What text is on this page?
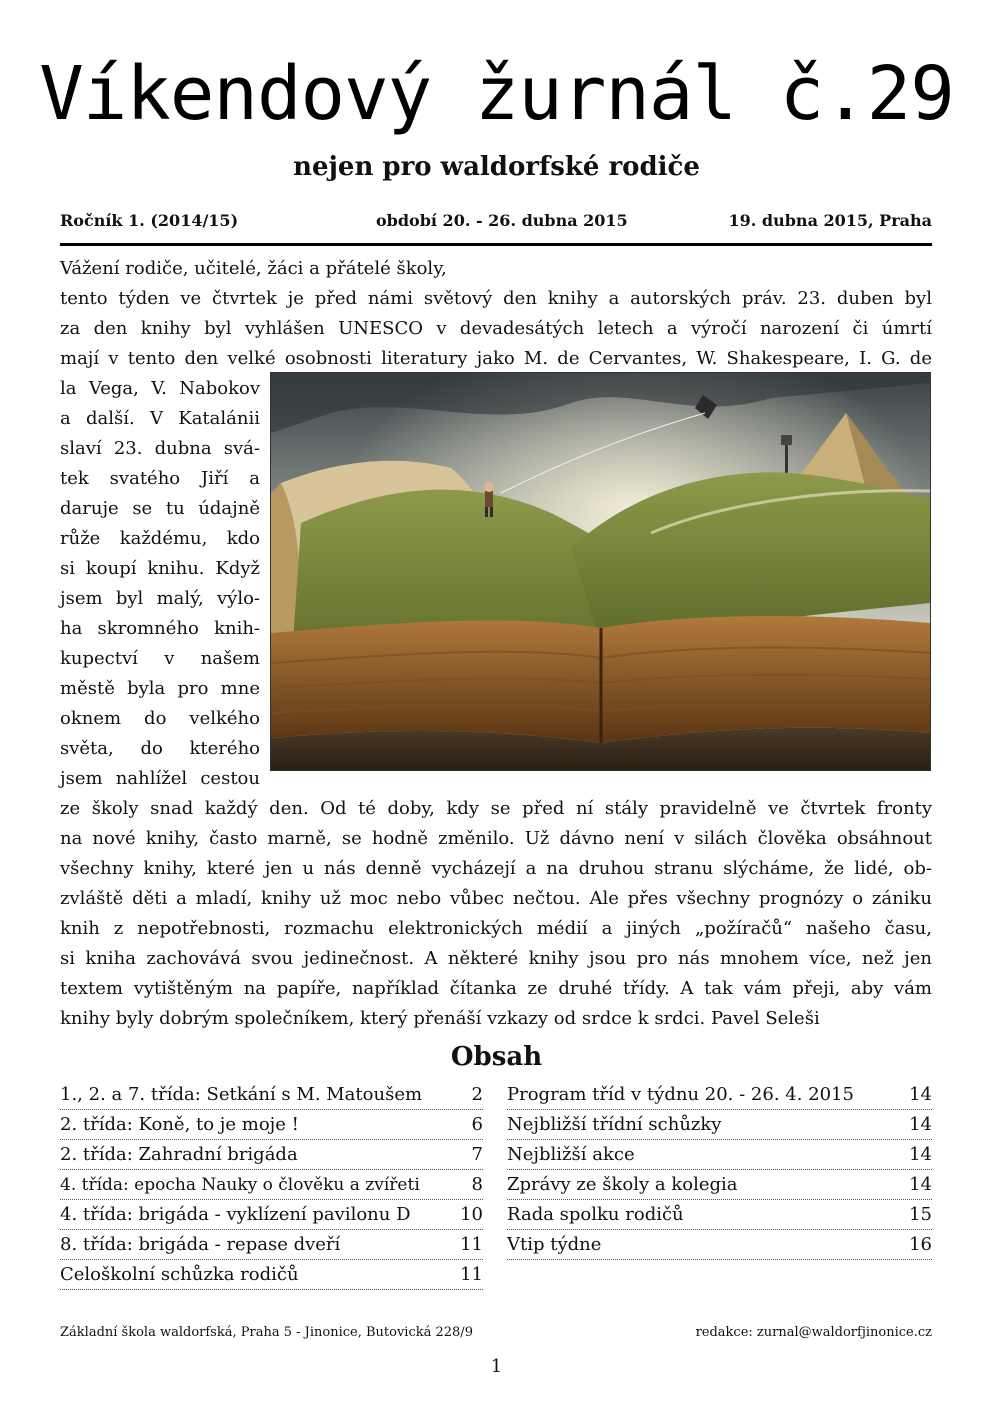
Víkendový žurnál č.29
nejen pro waldorfské rodiče
Ročník 1. (2014/15)	období 20. - 26. dubna 2015	19. dubna 2015, Praha
Vážení rodiče, učitelé, žáci a přátelé školy,
tento týden ve čtvrtek je před námi světový den knihy a autorských práv. 23. duben byl
za den knihy byl vyhlášen UNESCO v devadesátých letech a výročí narození či úmrtí
mají v tento den velké osobnosti literatury jako M. de Cervantes, W. Shakespeare, I. G. de
la Vega, V. Nabokov
a další. V Katalánii
slaví 23. dubna svá-
tek svatého Jiří a
daruje se tu údajně
růže každému, kdo
si koupí knihu. Když
jsem byl malý, výlo-
ha skromného knih-
kupectví v našem
městě byla pro mne
oknem do velkého
světa, do kterého
jsem nahlížel cestou
ze školy snad každý den. Od té doby, kdy se před ní stály pravidelně ve čtvrtek fronty
na nové knihy, často marně, se hodně změnilo. Už dávno není v silách člověka obsáhnout
všechny knihy, které jen u nás denně vycházejí a na druhou stranu slýcháme, že lidé, ob-
zvláště děti a mladí, knihy už moc nebo vůbec nečtou. Ale přes všechny prognózy o zániku
knih z nepotřebnosti, rozmachu elektronických médií a jiných „požíračů“ našeho času,
si kniha zachovává svou jedinečnost. A některé knihy jsou pro nás mnohem více, než jen
textem vytištěným na papíře, například čítanka ze druhé třídy. A tak vám přeji, aby vám
knihy byly dobrým společníkem, který přenáší vzkazy od srdce k srdci. Pavel Seleši
Obsah
1., 2. a 7. třída: Setkání s M. Matoušem	2
2. třída: Koně, to je moje !	6
2. třída: Zahradní brigáda	7
4. třída: epocha Nauky o člověku a zvířeti	8
4. třída: brigáda - vyklízení pavilonu D	10
8. třída: brigáda - repase dveří	11
Celoškolní schůzka rodičů	11
Program tříd v týdnu 20. - 26. 4. 2015	14
Nejbližší třídní schůzky	14
Nejbližší akce	14
Zprávy ze školy a kolegia	14
Rada spolku rodičů	15
Vtip týdne	16
Základní škola waldorfská, Praha 5 - Jinonice, Butovická 228/9	redakce: zurnal@waldorfjinonice.cz
1
